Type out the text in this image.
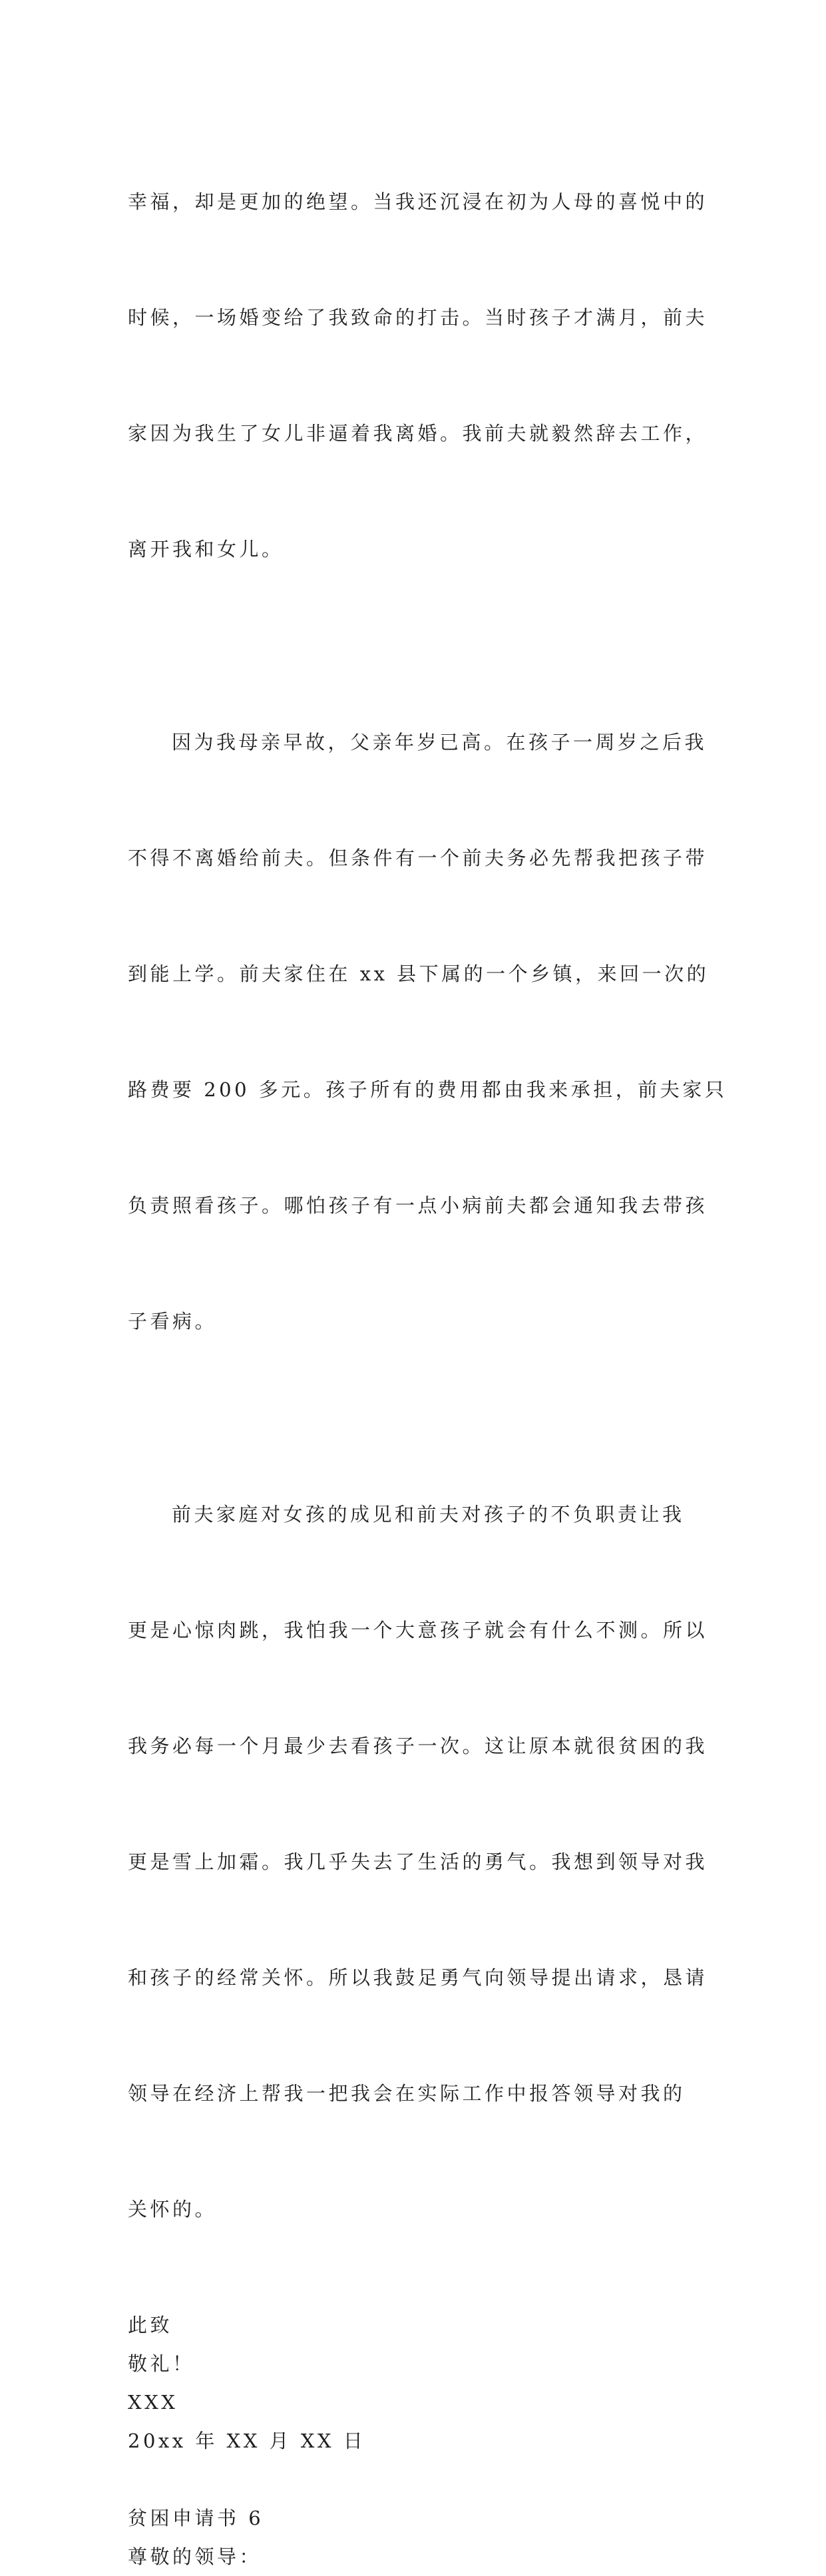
幸福，却是更加的绝望。当我还沉浸在初为人母的喜悦中的

时候，一场婚变给了我致命的打击。当时孩子才满月，前夫

家因为我生了女儿非逼着我离婚。我前夫就毅然辞去工作，

离开我和女儿。

因为我母亲早故，父亲年岁已高。在孩子一周岁之后我

不得不离婚给前夫。但条件有一个前夫务必先帮我把孩子带

到能上学。前夫家住在 xx 县下属的一个乡镇，来回一次的

路费要 200 多元。孩子所有的费用都由我来承担，前夫家只

负责照看孩子。哪怕孩子有一点小病前夫都会通知我去带孩

子看病。

前夫家庭对女孩的成见和前夫对孩子的不负职责让我

更是心惊肉跳，我怕我一个大意孩子就会有什么不测。所以

我务必每一个月最少去看孩子一次。这让原本就很贫困的我

更是雪上加霜。我几乎失去了生活的勇气。我想到领导对我

和孩子的经常关怀。所以我鼓足勇气向领导提出请求，恳请

领导在经济上帮我一把我会在实际工作中报答领导对我的

关怀的。

此致
敬礼！
XXX
20xx 年 XX 月 XX 日
贫困申请书 6
尊敬的领导：
